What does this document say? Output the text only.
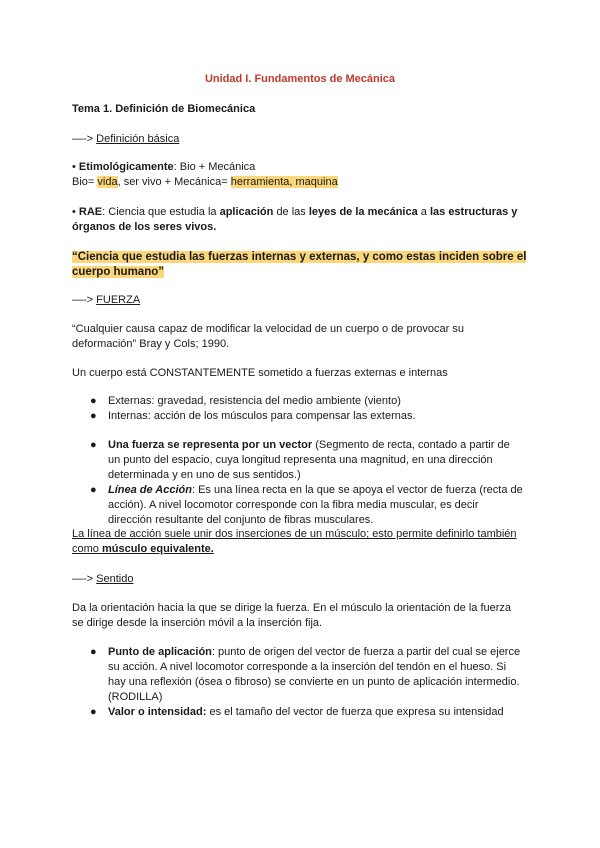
Unidad I. Fundamentos de Mecánica
Tema 1. Definición de Biomecánica
—-> Definición básica
• Etimológicamente: Bio + Mecánica
Bio= vida, ser vivo + Mecánica= herramienta, maquina
• RAE: Ciencia que estudia la aplicación de las leyes de la mecánica a las estructuras y
órganos de los seres vivos.
“Ciencia que estudia las fuerzas internas y externas, y como estas inciden sobre el
cuerpo humano”
—-> FUERZA
“Cualquier causa capaz de modificar la velocidad de un cuerpo o de provocar su
deformación” Bray y Cols; 1990.
Un cuerpo está CONSTANTEMENTE sometido a fuerzas externas e internas
● Externas: gravedad, resistencia del medio ambiente (viento)
● Internas: acción de los músculos para compensar las externas.
● Una fuerza se representa por un vector (Segmento de recta, contado a partir de
un punto del espacio, cuya longitud representa una magnitud, en una dirección
determinada y en uno de sus sentidos.)
● Línea de Acción: Es una línea recta en la que se apoya el vector de fuerza (recta de
acción). A nivel locomotor corresponde con la fibra media muscular, es decir
dirección resultante del conjunto de fibras musculares.
La línea de acción suele unir dos inserciones de un músculo; esto permite definirlo también
como músculo equivalente.
—-> Sentido
Da la orientación hacia la que se dirige la fuerza. En el músculo la orientación de la fuerza
se dirige desde la inserción móvil a la inserción fija.
● Punto de aplicación: punto de origen del vector de fuerza a partir del cual se ejerce
su acción. A nivel locomotor corresponde a la inserción del tendón en el hueso. Si
hay una reflexión (ósea o fibroso) se convierte en un punto de aplicación intermedio.
(RODILLA)
● Valor o intensidad: es el tamaño del vector de fuerza que expresa su intensidad
